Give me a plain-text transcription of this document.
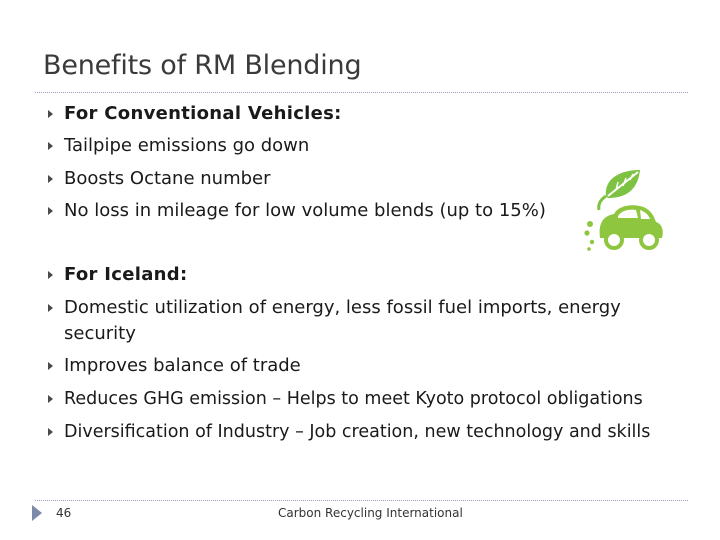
Benefits of RM Blending
For Conventional Vehicles:
Tailpipe emissions go down
Boosts Octane number
No loss in mileage for low volume blends (up to 15%)
For Iceland:
Domestic utilization of energy, less fossil fuel imports, energy security
Improves balance of trade
Reduces GHG emission – Helps to meet Kyoto protocol obligations
Diversification of Industry – Job creation, new technology and skills
46	Carbon Recycling International
